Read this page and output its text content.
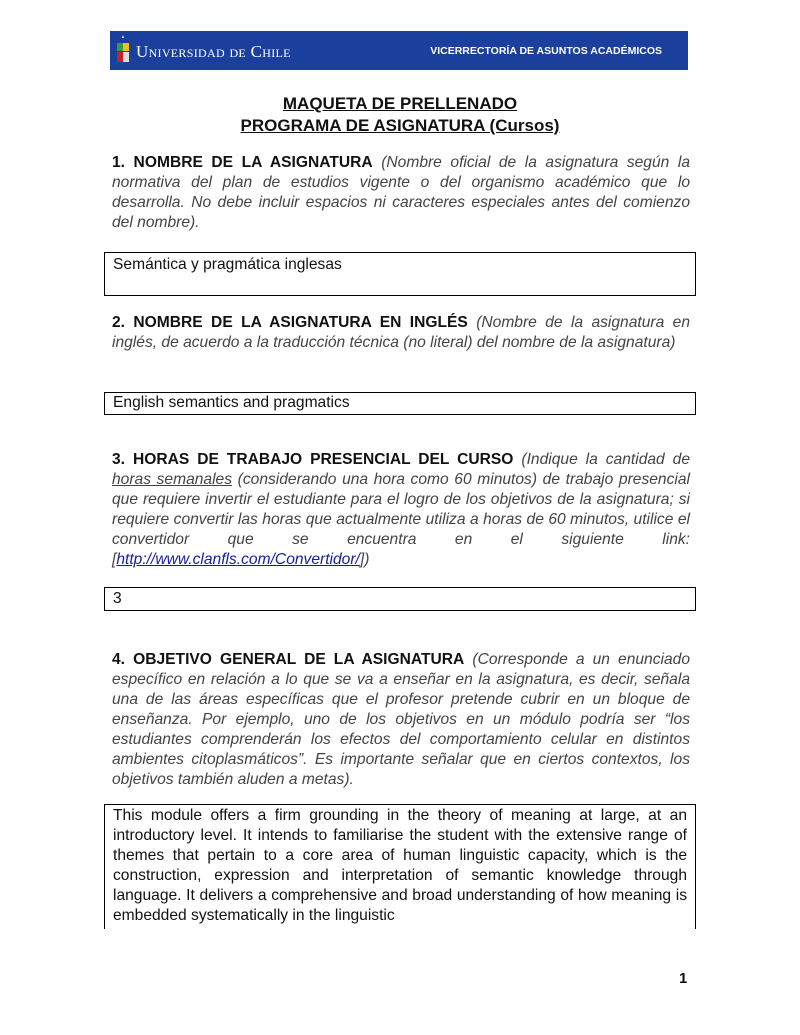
Universidad de Chile	VICERRECTORÍA DE ASUNTOS ACADÉMICOS
MAQUETA DE PRELLENADO
PROGRAMA DE ASIGNATURA (Cursos)
1. NOMBRE DE LA ASIGNATURA (Nombre oficial de la asignatura según la normativa del plan de estudios vigente o del organismo académico que lo desarrolla. No debe incluir espacios ni caracteres especiales antes del comienzo del nombre).
Semántica y pragmática inglesas
2. NOMBRE DE LA ASIGNATURA EN INGLÉS (Nombre de la asignatura en inglés, de acuerdo a la traducción técnica (no literal) del nombre de la asignatura)
English semantics and pragmatics
3. HORAS DE TRABAJO PRESENCIAL DEL CURSO (Indique la cantidad de horas semanales (considerando una hora como 60 minutos) de trabajo presencial que requiere invertir el estudiante para el logro de los objetivos de la asignatura; si requiere convertir las horas que actualmente utiliza a horas de 60 minutos, utilice el convertidor que se encuentra en el siguiente link: [http://www.clanfls.com/Convertidor/])
3
4. OBJETIVO GENERAL DE LA ASIGNATURA (Corresponde a un enunciado específico en relación a lo que se va a enseñar en la asignatura, es decir, señala una de las áreas específicas que el profesor pretende cubrir en un bloque de enseñanza. Por ejemplo, uno de los objetivos en un módulo podría ser “los estudiantes comprenderán los efectos del comportamiento celular en distintos ambientes citoplasmáticos”. Es importante señalar que en ciertos contextos, los objetivos también aluden a metas).
This module offers a firm grounding in the theory of meaning at large, at an introductory level. It intends to familiarise the student with the extensive range of themes that pertain to a core area of human linguistic capacity, which is the construction, expression and interpretation of semantic knowledge through language. It delivers a comprehensive and broad understanding of how meaning is embedded systematically in the linguistic
1
